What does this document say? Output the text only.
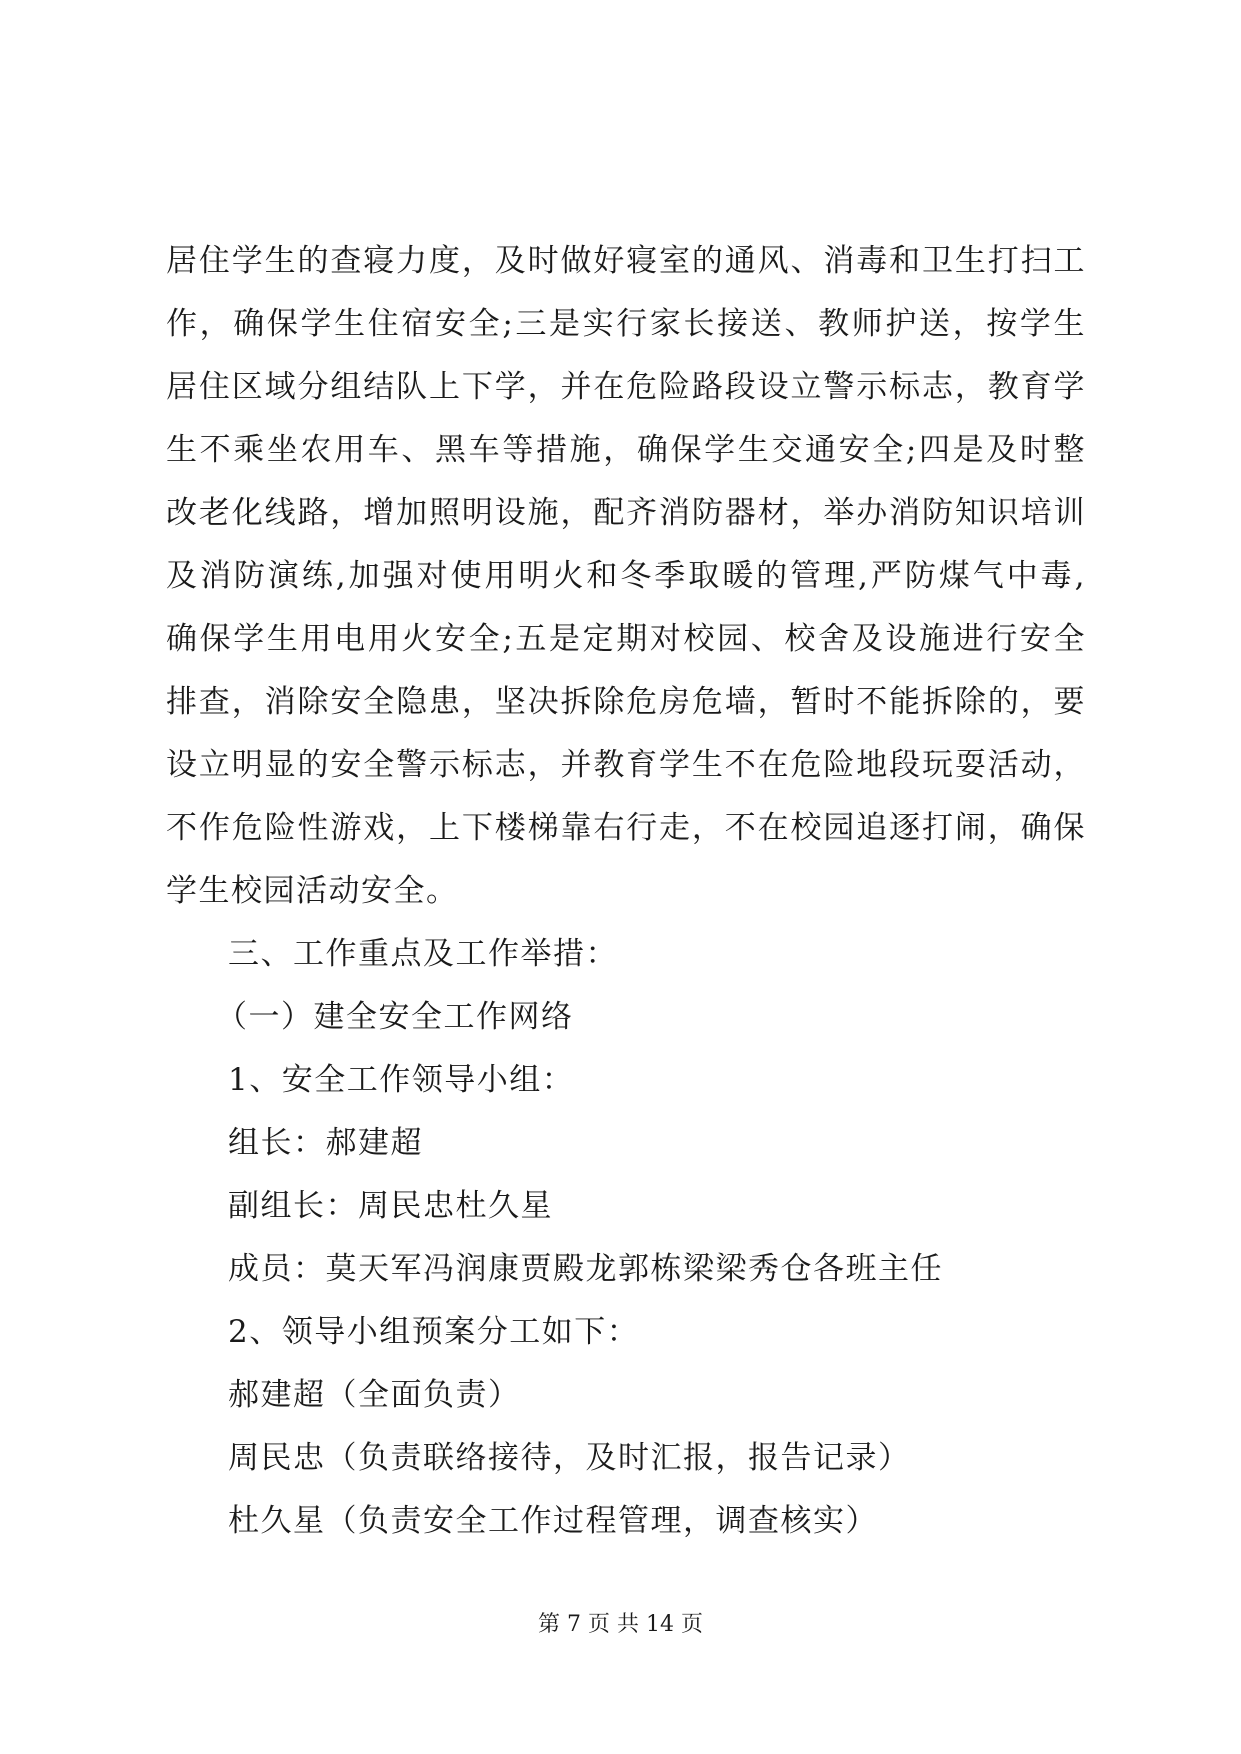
居住学生的查寝力度，及时做好寝室的通风、消毒和卫生打扫工
作，确保学生住宿安全;三是实行家长接送、教师护送，按学生
居住区域分组结队上下学，并在危险路段设立警示标志，教育学
生不乘坐农用车、黑车等措施，确保学生交通安全;四是及时整
改老化线路，增加照明设施，配齐消防器材，举办消防知识培训
及消防演练,加强对使用明火和冬季取暖的管理,严防煤气中毒,
确保学生用电用火安全;五是定期对校园、校舍及设施进行安全
排查，消除安全隐患，坚决拆除危房危墙，暂时不能拆除的，要
设立明显的安全警示标志，并教育学生不在危险地段玩耍活动，
不作危险性游戏，上下楼梯靠右行走，不在校园追逐打闹，确保
学生校园活动安全。
三、工作重点及工作举措：
（一）建全安全工作网络
1、安全工作领导小组：
组长：郝建超
副组长：周民忠杜久星
成员：莫天军冯润康贾殿龙郭栋梁梁秀仓各班主任
2、领导小组预案分工如下：
郝建超（全面负责）
周民忠（负责联络接待，及时汇报，报告记录）
杜久星（负责安全工作过程管理，调查核实）
第 7 页 共 14 页
